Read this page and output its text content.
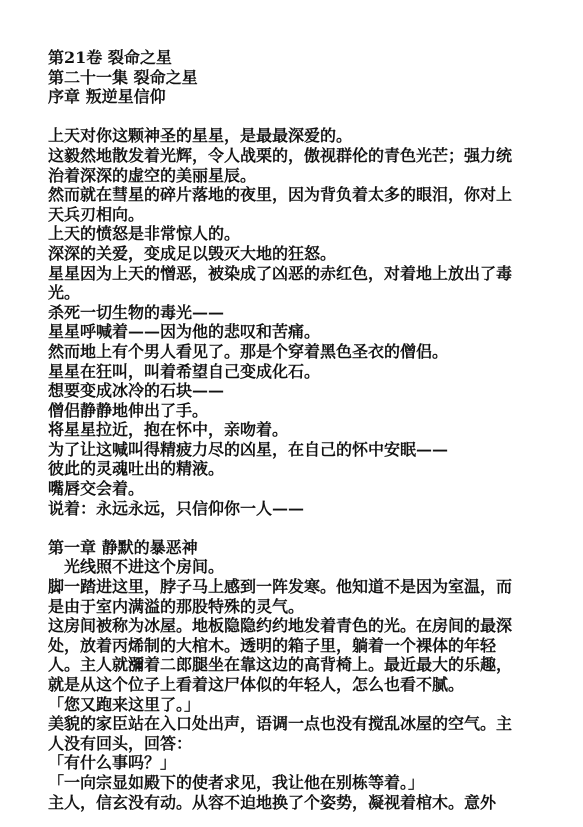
第21卷 裂命之星
第二十一集 裂命之星
序章 叛逆星信仰
上天对你这颗神圣的星星，是最最深爱的。
这毅然地散发着光辉，令人战栗的，傲视群伦的青色光芒；强力统
治着深深的虚空的美丽星辰。
然而就在彗星的碎片落地的夜里，因为背负着太多的眼泪，你对上
天兵刃相向。
上天的愤怒是非常惊人的。
深深的关爱，变成足以毁灭大地的狂怒。
星星因为上天的憎恶，被染成了凶恶的赤红色，对着地上放出了毒
光。
杀死一切生物的毒光——
星星呼喊着——因为他的悲叹和苦痛。
然而地上有个男人看见了。那是个穿着黑色圣衣的僧侣。
星星在狂叫，叫着希望自己变成化石。
想要变成冰冷的石块——
僧侣静静地伸出了手。
将星星拉近，抱在怀中，亲吻着。
为了让这喊叫得精疲力尽的凶星，在自己的怀中安眠——
彼此的灵魂吐出的精液。
嘴唇交会着。
说着：永远永远，只信仰你一人——
第一章 静默的暴恶神
光线照不进这个房间。
脚一踏进这里，脖子马上感到一阵发寒。他知道不是因为室温，而
是由于室内满溢的那股特殊的灵气。
这房间被称为冰屋。地板隐隐约约地发着青色的光。在房间的最深
处，放着丙烯制的大棺木。透明的箱子里，躺着一个裸体的年轻
人。主人就瀰着二郎腿坐在靠这边的高背椅上。最近最大的乐趣，
就是从这个位子上看着这尸体似的年轻人，怎么也看不腻。
「您又跑来这里了。」
美貌的家臣站在入口处出声，语调一点也没有搅乱冰屋的空气。主
人没有回头，回答：
「有什么事吗？」
「一向宗显如殿下的使者求见，我让他在别栋等着。」
主人，信玄没有动。从容不迫地换了个姿势，凝视着棺木。意外
